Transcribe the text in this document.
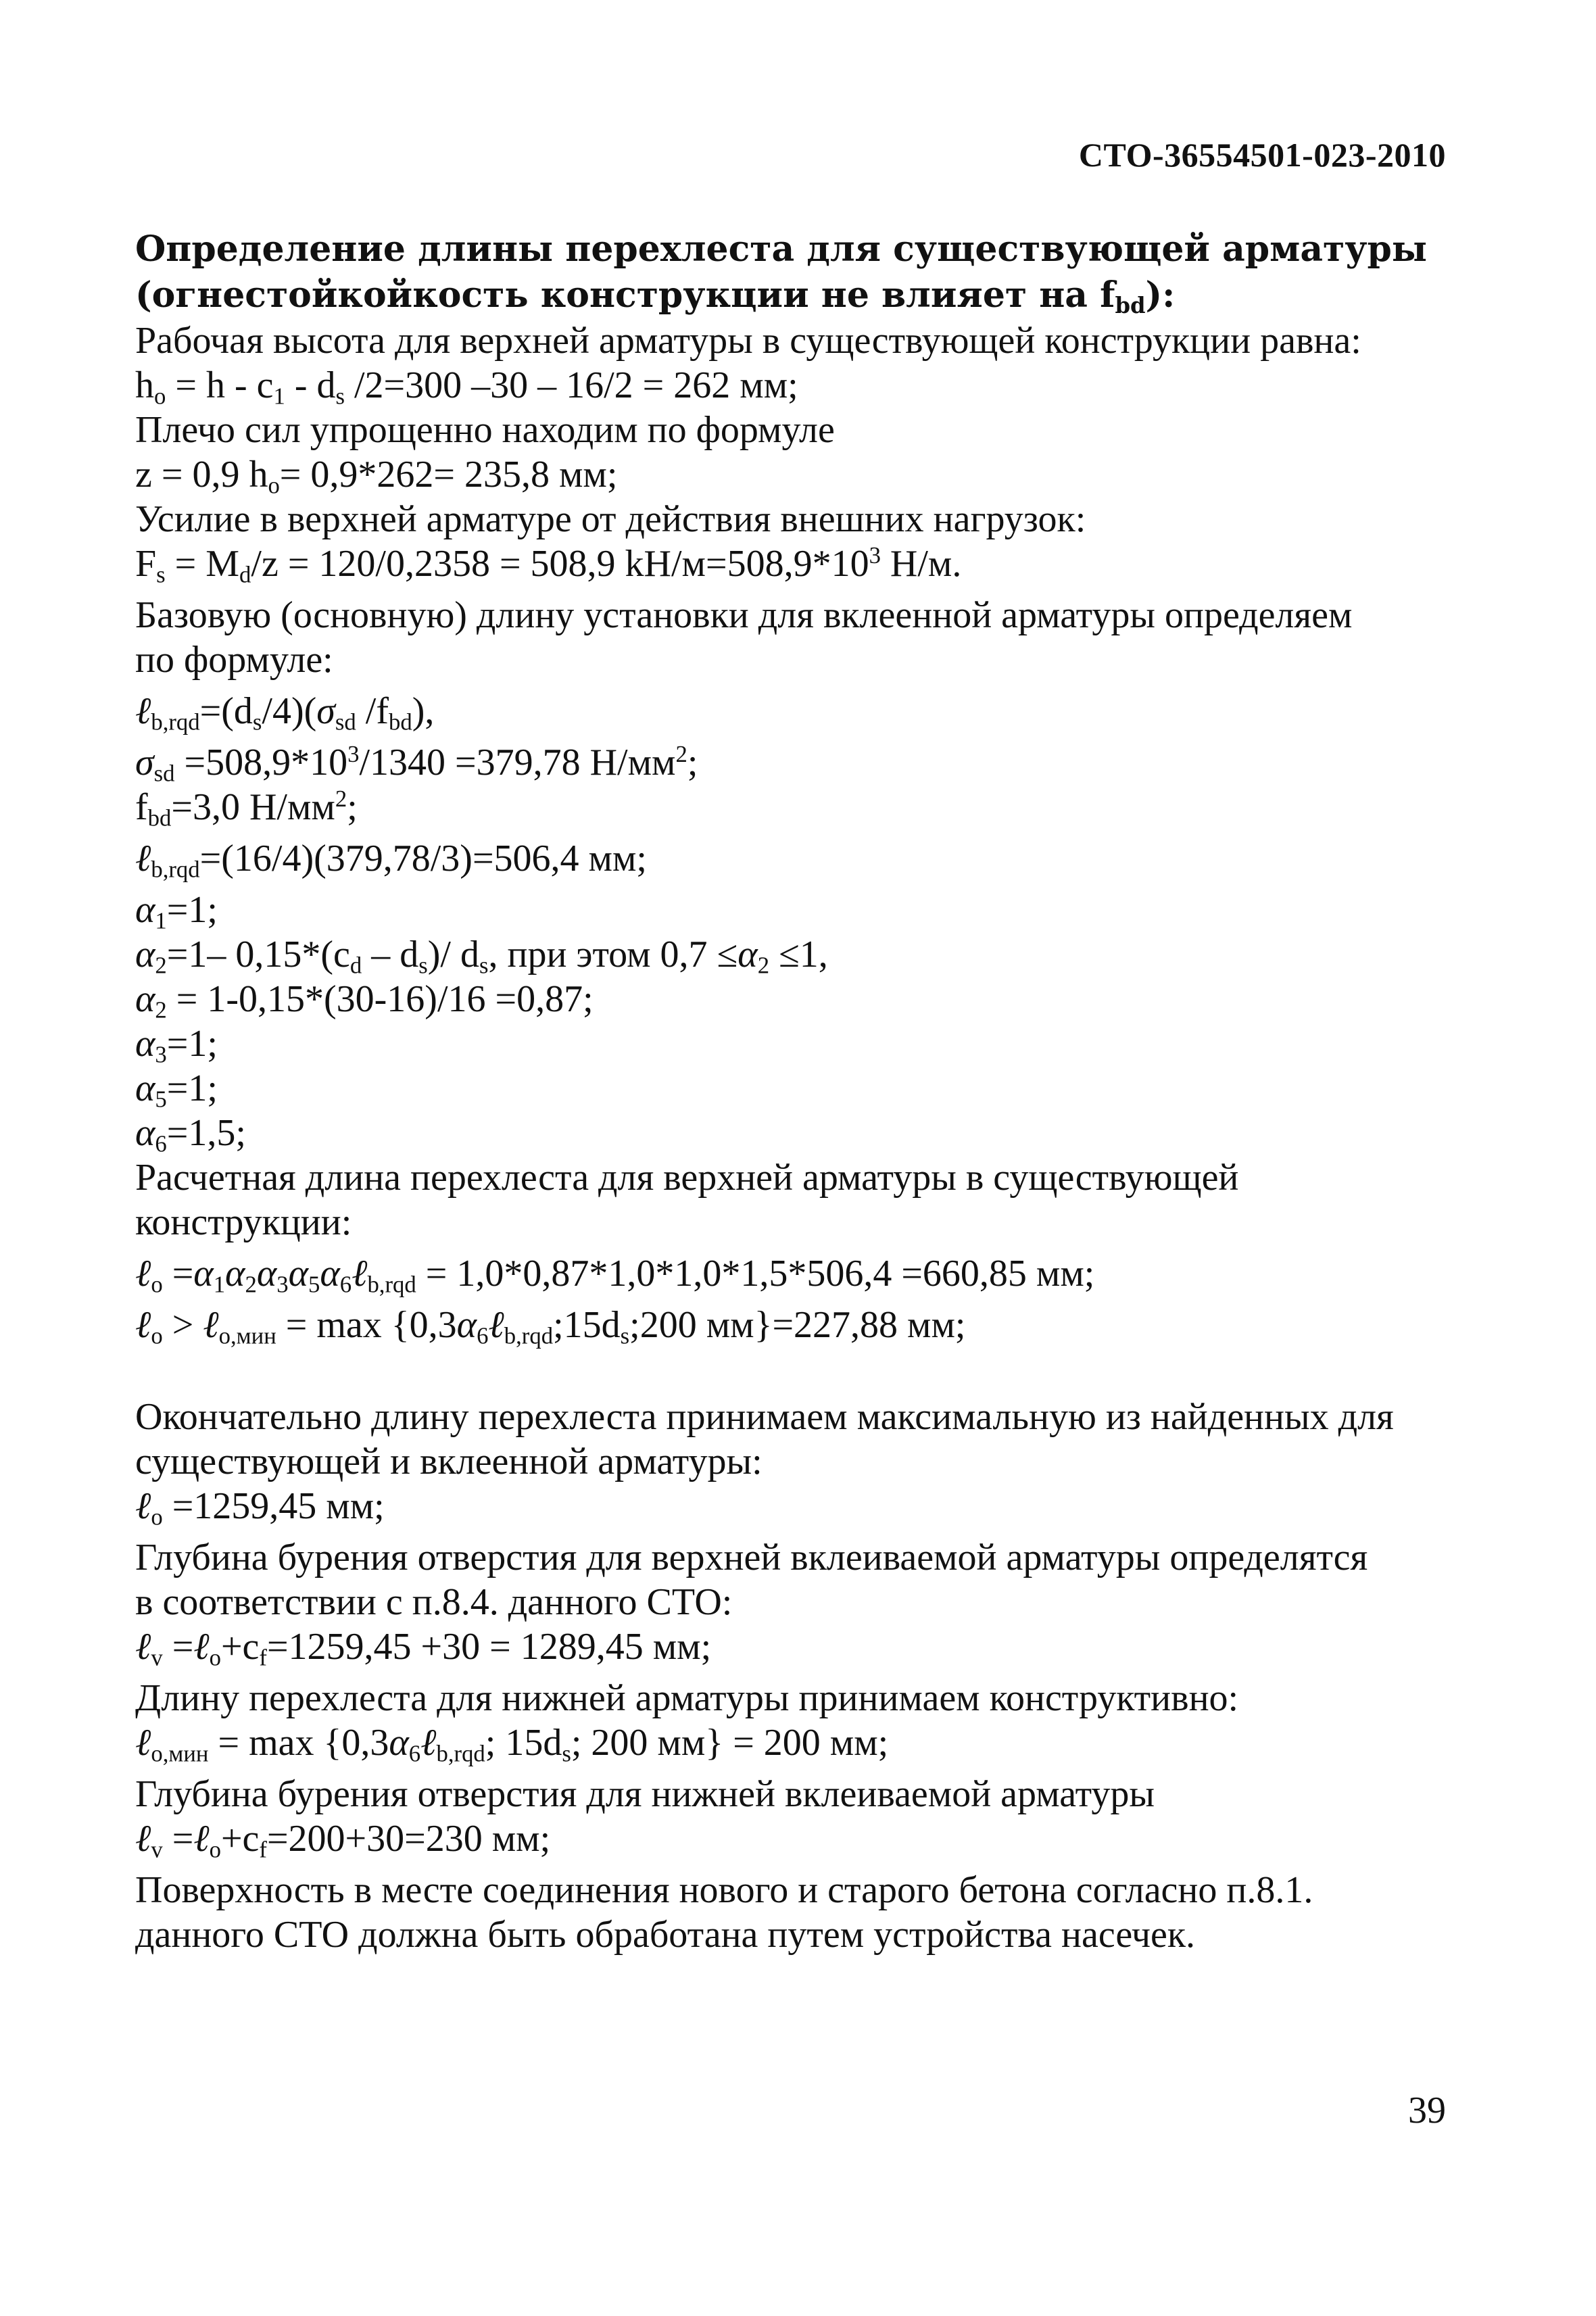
СТО-36554501-023-2010

Определение длины перехлеста для существующей арматуры

(огнестойкойкость конструкции не влияет на $f_{bd}$):

Рабочая высота для верхней арматуры в существующей конструкции равна:

$h_o = h - c_1 - d_s$ /2=300 –30 – 16/2 = 262 мм;

Плечо сил упрощенно находим по формуле

z = 0,9 $h_o= 0,9*262= 235,8$ мм;

Усилие в верхней арматуре от действия внешних нагрузок:

$F_s = M_d/z = 120/0,2358 = 508,9$ $kH/м=508,9*10^3$ Н/м.

Базовую (основную) длину установки для вклеенной арматуры определяем

по формуле:

$\ell_{b,rqd}=(d_s/4)(\sigma_{sd}$ $/f_{bd}$),

$\sigma_{sd} =508,9*10^3/1340 =379,78$ $Н/мм^2$;

$f_{bd}=3,0$ $Н/мм^2$;

ℓ$_{b,rqd}$=(16/4)(379,78/3)=506,4 мм;

$\alpha_1=1$;

$\alpha_2=1-$ $0,15*(c_d - d_s)/$ $d_s$, при этом $0,7 \le\alpha_2 \le 1$,

$\alpha_2 = 1-0,15*(30-16)/16 =0,87$;

$\alpha_3=1$;

$\alpha_5=1$;

$\alpha_6=1,5$;

Расчетная длина перехлеста для верхней арматуры в существующей

конструкции:

ℓ$_o$ $=\alpha_1\alpha_2\alpha_3\alpha_5\alpha_6\ell_{b,rqd} = 1,0*0,87*1,0*1,0*1,5*506,4 =660,85$ мм;

ℓ$_o$ > ℓ$_{o,мин}$ = $\max \{0,3\alpha_6\ell_{b,rqd};15d_s;200$ мм}=227,88 мм;

Окончательно длину перехлеста принимаем максимальную из найденных для

существующей и вклеенной арматуры:

ℓ$_o$ =1259,45 мм;

Глубина бурения отверстия для верхней вклеиваемой арматуры определятся

в соответствии с п.8.4. данного СТО:

ℓ$_v$ $=\ell_o+c_f=1259,45 +30 = 1289,45$ мм;

Длину перехлеста для нижней арматуры принимаем конструктивно:

ℓ$_{o,мин}$ = $\max \{0,3\alpha_6\ell_{b,rqd}$; $15d_s$; 200 мм} = 200 мм;

Глубина бурения отверстия для нижней вклеиваемой арматуры

ℓ$_v$ $=\ell_o+c_f=200+30=230$ мм;

Поверхность в месте соединения нового и старого бетона согласно п.8.1.

данного СТО должна быть обработана путем устройства насечек.

39
